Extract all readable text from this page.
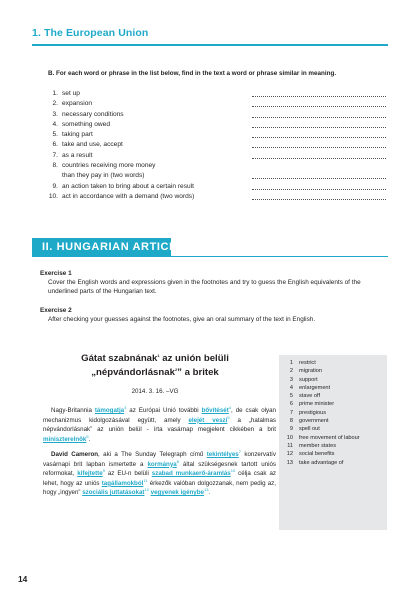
1. The European Union
B. For each word or phrase in the list below, find in the text a word or phrase similar in meaning.
1. set up
2. expansion
3. necessary conditions
4. something owed
5. taking part
6. take and use, accept
7. as a result
8. countries receiving more money
than they pay in (two words)
9. an action taken to bring about a certain result
10. act in accordance with a demand (two words)
II. HUNGARIAN ARTICLE
Exercise 1
Cover the English words and expressions given in the footnotes and try to guess the English equivalents of the underlined parts of the Hungarian text.
Exercise 2
After checking your guesses against the footnotes, give an oral summary of the text in English.
Gátat szabnának$^1$ az unión belüli
„népvándorlásnak$^2$” a britek
2014. 3. 16. –VG
Nagy-Britannia támogatja$^3$ az Európai Unió további bővítését$^4$, de csak olyan mechanizmus kidolgozásával együtt, amely elejét veszi$^5$ a „hatalmas népvándorlásnak” az unión belül - írta vasárnap megjelent cikkében a brit miniszterelnök$^6$.
David Cameron, aki a The Sunday Telegraph című tekintélyes$^7$ konzervatív vasárnapi brit lapban ismertette a kormánya$^8$ által szükségesnek tartott uniós reformokat, kifejtette$^9$ az EU-n belüli szabad munkaerő-áramlás$^{10}$ célja csak az lehet, hogy az uniós tagállamokból$^{11}$ érkezők valóban dolgozzanak, nem pedig az, hogy „ingyen” szociális juttatásokat$^{12}$ vegyenek igénybe$^{13}$.
1 restrict
2 migration
3 support
4 enlargement
5 stave off
6 prime minister
7 prestigious
8 government
9 spell out
10 free movement of labour
11 member states
12 social benefits
13 take advantage of
14
